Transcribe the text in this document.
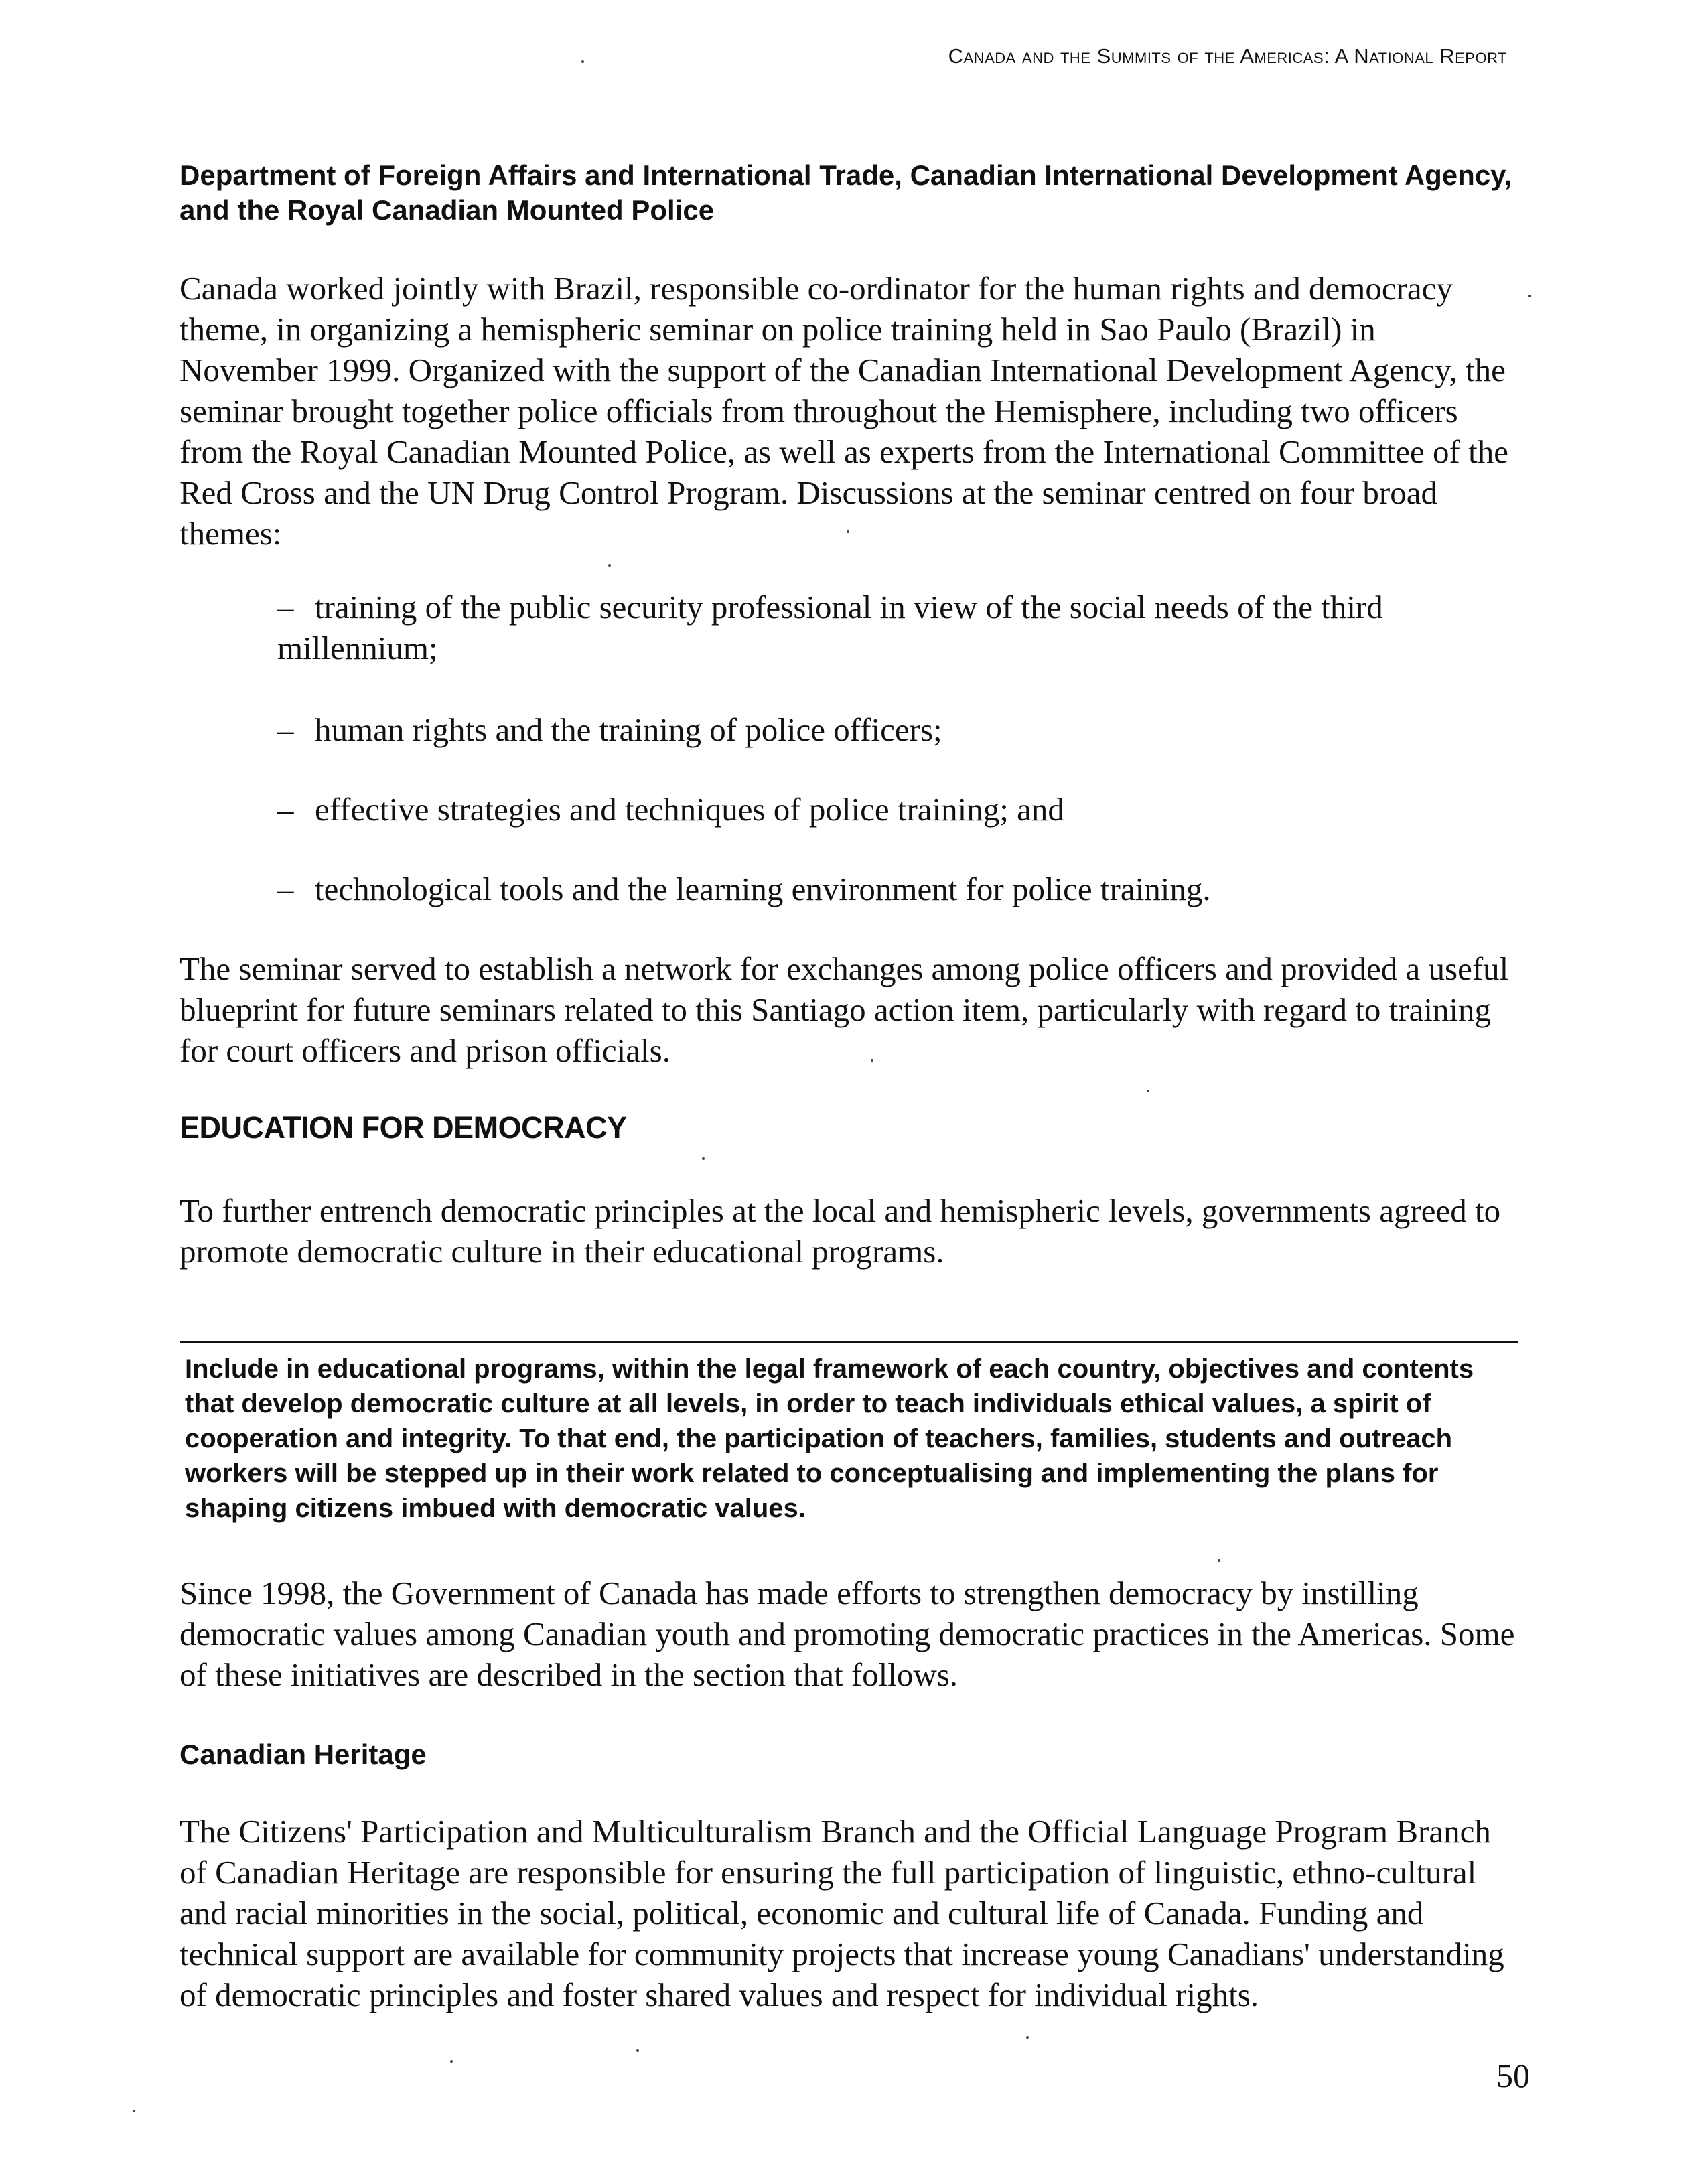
Canada and the Summits of the Americas: A National Report
Department of Foreign Affairs and International Trade, Canadian International Development Agency, and the Royal Canadian Mounted Police
Canada worked jointly with Brazil, responsible co-ordinator for the human rights and democracy theme, in organizing a hemispheric seminar on police training held in Sao Paulo (Brazil) in November 1999. Organized with the support of the Canadian International Development Agency, the seminar brought together police officials from throughout the Hemisphere, including two officers from the Royal Canadian Mounted Police, as well as experts from the International Committee of the Red Cross and the UN Drug Control Program. Discussions at the seminar centred on four broad themes:
– training of the public security professional in view of the social needs of the third millennium;
– human rights and the training of police officers;
– effective strategies and techniques of police training; and
– technological tools and the learning environment for police training.
The seminar served to establish a network for exchanges among police officers and provided a useful blueprint for future seminars related to this Santiago action item, particularly with regard to training for court officers and prison officials.
EDUCATION FOR DEMOCRACY
To further entrench democratic principles at the local and hemispheric levels, governments agreed to promote democratic culture in their educational programs.
Include in educational programs, within the legal framework of each country, objectives and contents that develop democratic culture at all levels, in order to teach individuals ethical values, a spirit of cooperation and integrity. To that end, the participation of teachers, families, students and outreach workers will be stepped up in their work related to conceptualising and implementing the plans for shaping citizens imbued with democratic values.
Since 1998, the Government of Canada has made efforts to strengthen democracy by instilling democratic values among Canadian youth and promoting democratic practices in the Americas. Some of these initiatives are described in the section that follows.
Canadian Heritage
The Citizens' Participation and Multiculturalism Branch and the Official Language Program Branch of Canadian Heritage are responsible for ensuring the full participation of linguistic, ethno-cultural and racial minorities in the social, political, economic and cultural life of Canada. Funding and technical support are available for community projects that increase young Canadians' understanding of democratic principles and foster shared values and respect for individual rights.
50
